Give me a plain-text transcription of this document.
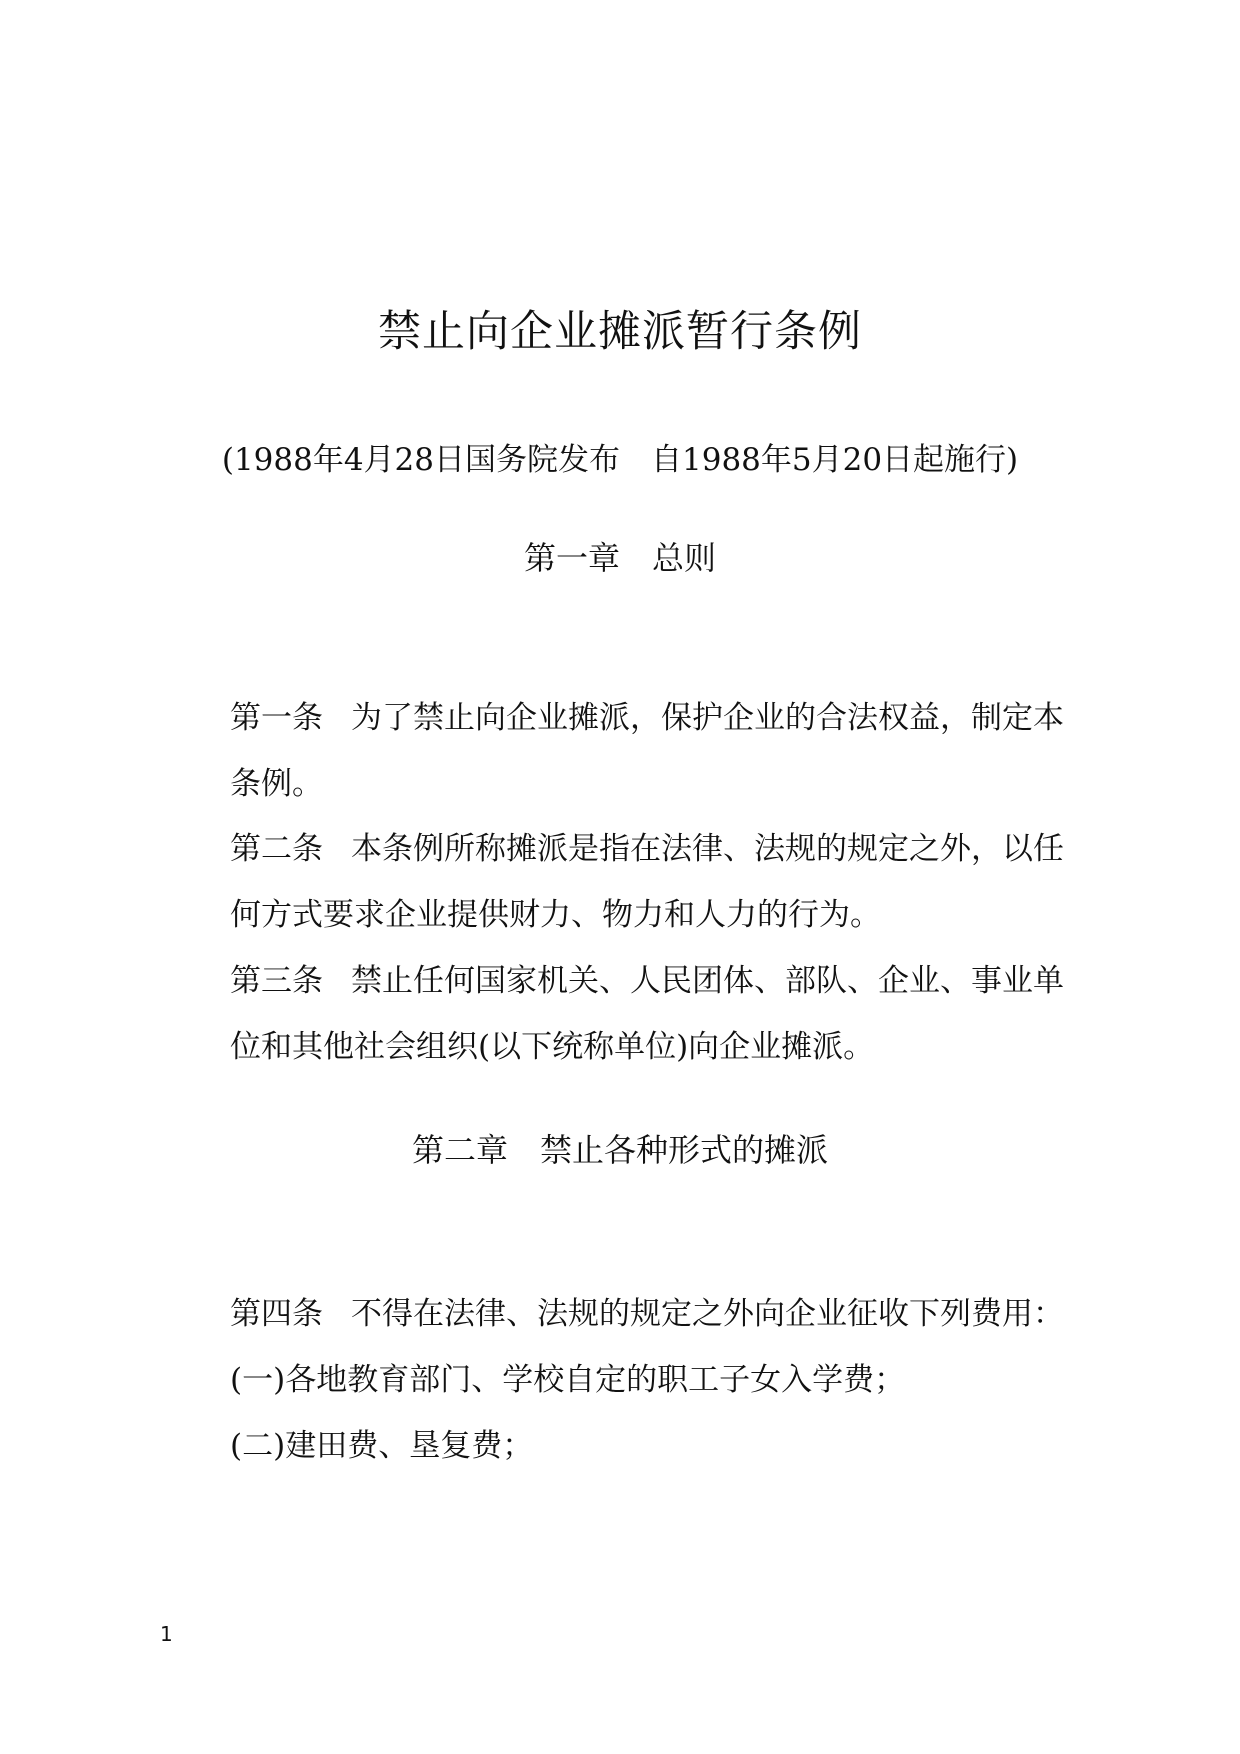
禁止向企业摊派暂行条例
(1988年4月28日国务院发布　自1988年5月20日起施行)
第一章　总则
第一条 为了禁止向企业摊派，保护企业的合法权益，制定本条例。
第二条 本条例所称摊派是指在法律、法规的规定之外，以任何方式要求企业提供财力、物力和人力的行为。
第三条 禁止任何国家机关、人民团体、部队、企业、事业单位和其他社会组织(以下统称单位)向企业摊派。
第二章　禁止各种形式的摊派
第四条 不得在法律、法规的规定之外向企业征收下列费用：
(一)各地教育部门、学校自定的职工子女入学费；
(二)建田费、垦复费；
1
